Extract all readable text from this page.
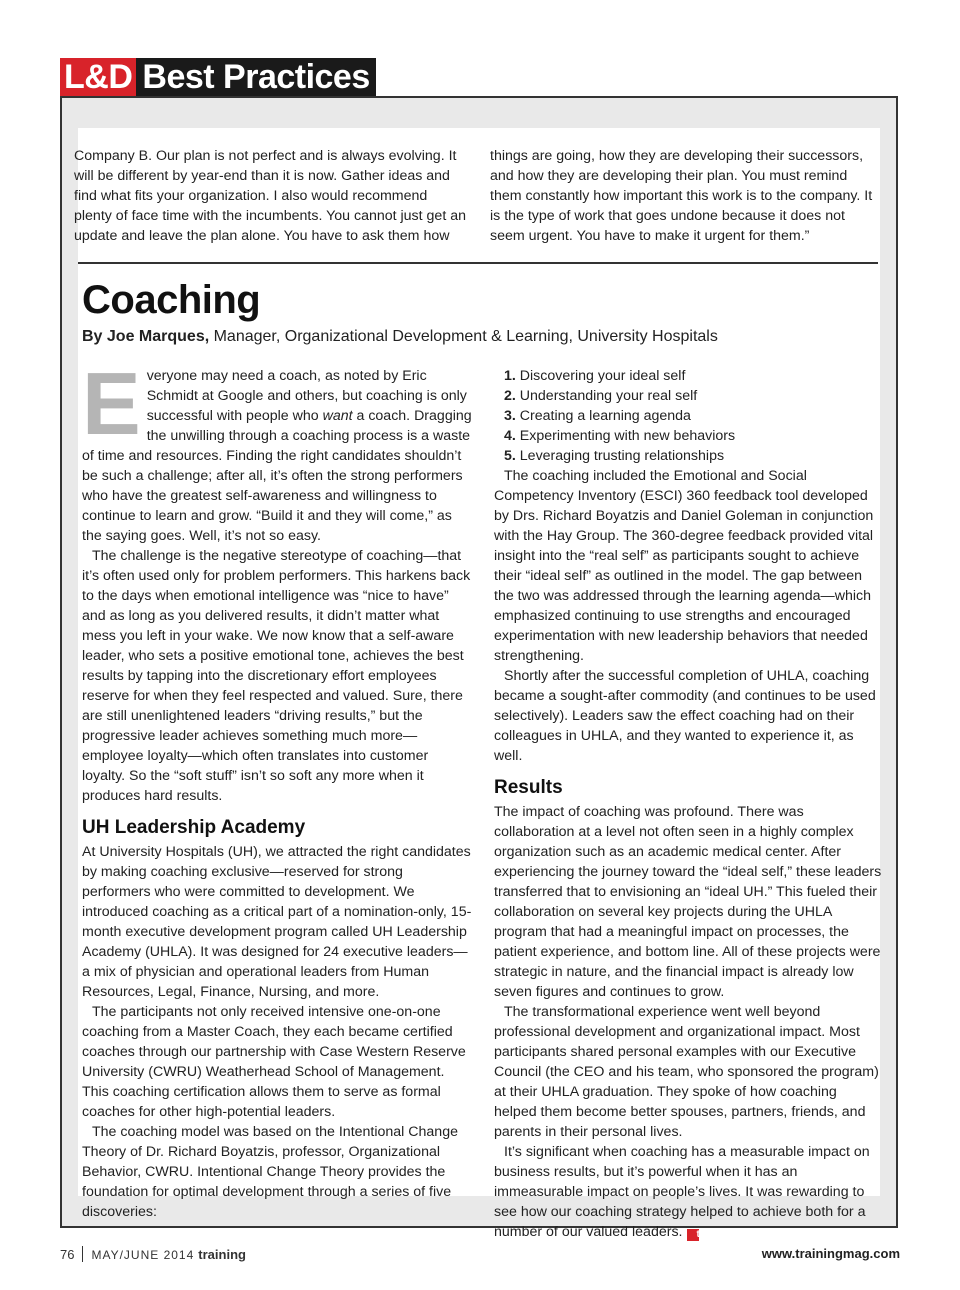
L&D Best Practices

Company B. Our plan is not perfect and is always evolving. It will be different by year-end than it is now. Gather ideas and find what fits your organization. I also would recommend plenty of face time with the incumbents. You cannot just get an update and leave the plan alone. You have to ask them how

things are going, how they are developing their successors, and how they are developing their plan. You must remind them constantly how important this work is to the company. It is the type of work that goes undone because it does not seem urgent. You have to make it urgent for them.”

Coaching
By Joe Marques, Manager, Organizational Development & Learning, University Hospitals

Everyone may need a coach, as noted by Eric Schmidt at Google and others, but coaching is only successful with people who want a coach. Dragging the unwilling through a coaching process is a waste of time and resources. Finding the right candidates shouldn’t be such a challenge; after all, it’s often the strong performers who have the greatest self-awareness and willingness to continue to learn and grow. “Build it and they will come,” as the saying goes. Well, it’s not so easy.

The challenge is the negative stereotype of coaching—that it’s often used only for problem performers. This harkens back to the days when emotional intelligence was “nice to have” and as long as you delivered results, it didn’t matter what mess you left in your wake. We now know that a self-aware leader, who sets a positive emotional tone, achieves the best results by tapping into the discretionary effort employees reserve for when they feel respected and valued. Sure, there are still unenlightened leaders “driving results,” but the progressive leader achieves something much more—employee loyalty—which often translates into customer loyalty. So the “soft stuff” isn’t so soft any more when it produces hard results.

UH Leadership Academy

At University Hospitals (UH), we attracted the right candidates by making coaching exclusive—reserved for strong performers who were committed to development. We introduced coaching as a critical part of a nomination-only, 15-month executive development program called UH Leadership Academy (UHLA). It was designed for 24 executive leaders—a mix of physician and operational leaders from Human Resources, Legal, Finance, Nursing, and more.

The participants not only received intensive one-on-one coaching from a Master Coach, they each became certified coaches through our partnership with Case Western Reserve University (CWRU) Weatherhead School of Management. This coaching certification allows them to serve as formal coaches for other high-potential leaders.

The coaching model was based on the Intentional Change Theory of Dr. Richard Boyatzis, professor, Organizational Behavior, CWRU. Intentional Change Theory provides the foundation for optimal development through a series of five discoveries:

1. Discovering your ideal self

2. Understanding your real self

3. Creating a learning agenda

4. Experimenting with new behaviors

5. Leveraging trusting relationships

The coaching included the Emotional and Social Competency Inventory (ESCI) 360 feedback tool developed by Drs. Richard Boyatzis and Daniel Goleman in conjunction with the Hay Group. The 360-degree feedback provided vital insight into the “real self” as participants sought to achieve their “ideal self” as outlined in the model. The gap between the two was addressed through the learning agenda—which emphasized continuing to use strengths and encouraged experimentation with new leadership behaviors that needed strengthening.

Shortly after the successful completion of UHLA, coaching became a sought-after commodity (and continues to be used selectively). Leaders saw the effect coaching had on their colleagues in UHLA, and they wanted to experience it, as well.

Results

The impact of coaching was profound. There was collaboration at a level not often seen in a highly complex organization such as an academic medical center. After experiencing the journey toward the “ideal self,” these leaders transferred that to envisioning an “ideal UH.” This fueled their collaboration on several key projects during the UHLA program that had a meaningful impact on processes, the patient experience, and bottom line. All of these projects were strategic in nature, and the financial impact is already low seven figures and continues to grow.

The transformational experience went well beyond professional development and organizational impact. Most participants shared personal examples with our Executive Council (the CEO and his team, who sponsored the program) at their UHLA graduation. They spoke of how coaching helped them become better spouses, partners, friends, and parents in their personal lives.

It’s significant when coaching has a measurable impact on business results, but it’s powerful when it has an immeasurable impact on people’s lives. It was rewarding to see how our coaching strategy helped to achieve both for a number of our valued leaders. t

76 MAY/JUNE 2014 training	www.trainingmag.com
